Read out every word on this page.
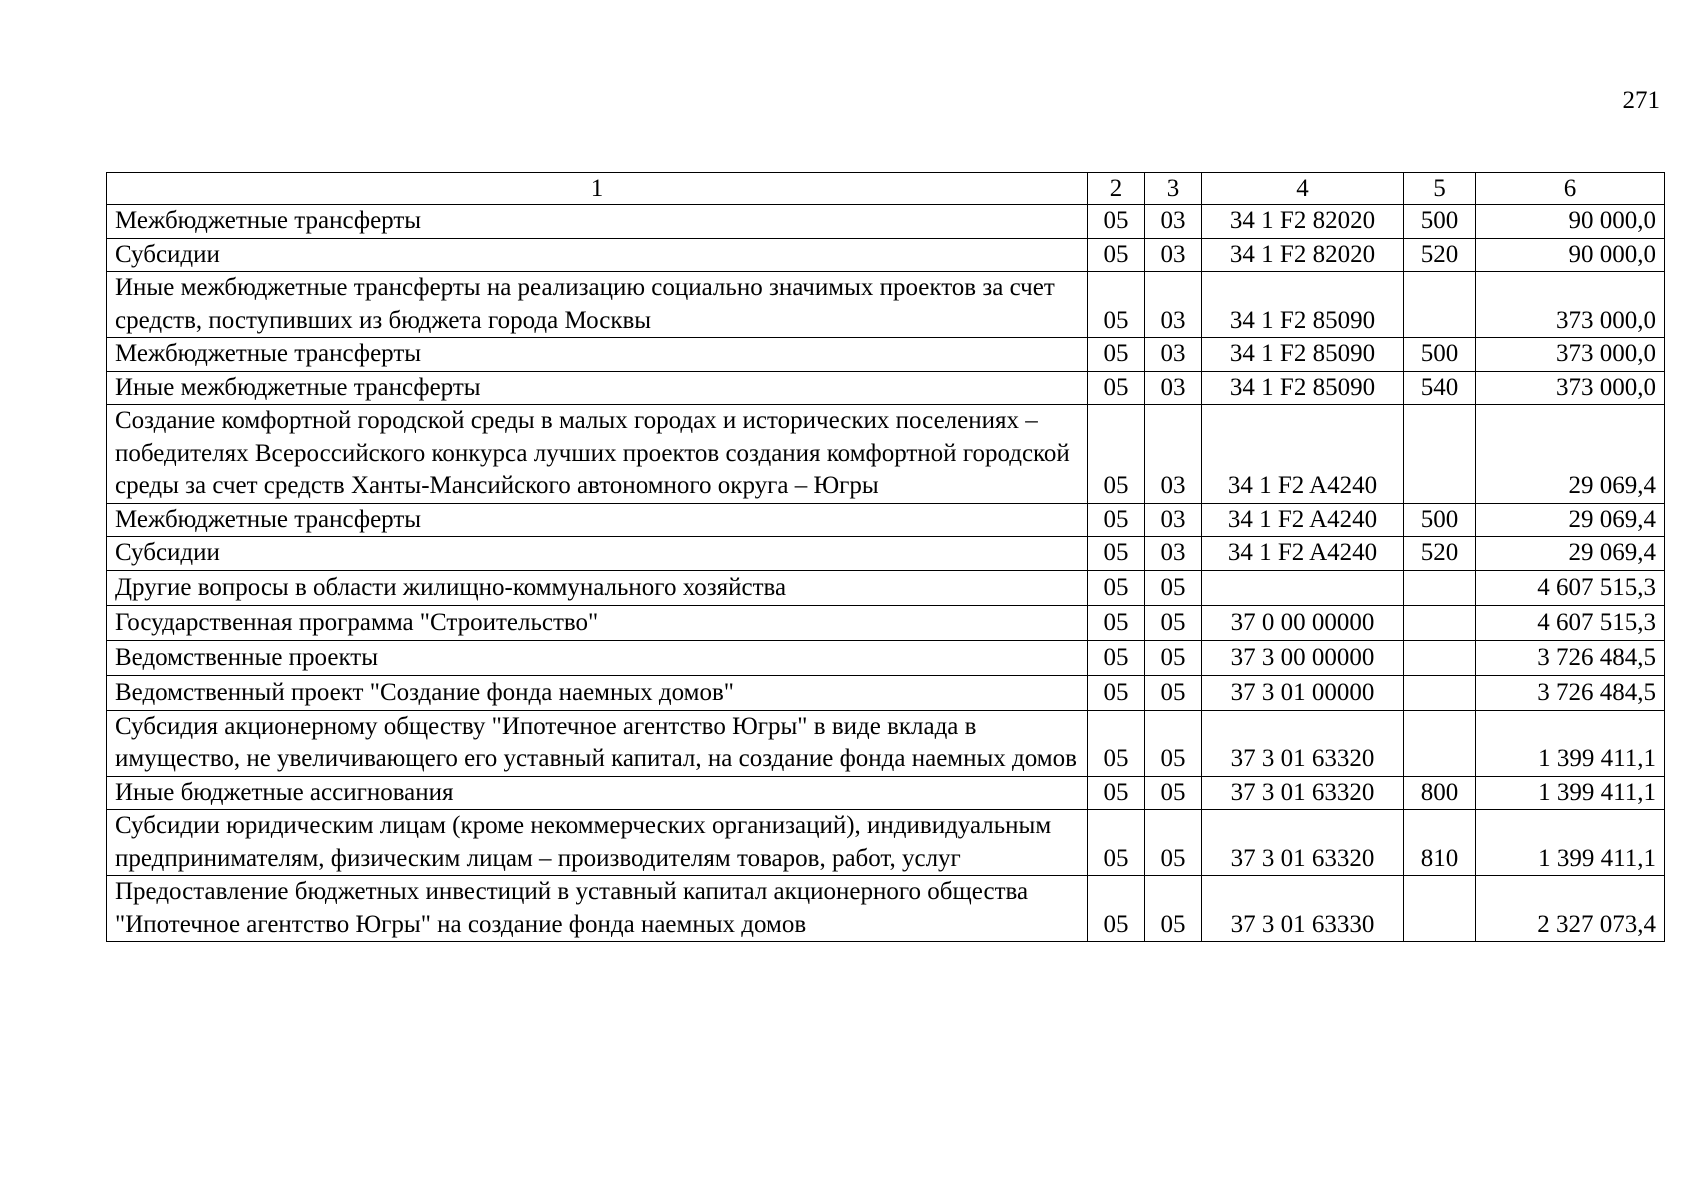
271
1	2	3	4	5	6
Межбюджетные трансферты	05	03	34 1 F2 82020	500	90 000,0
Субсидии	05	03	34 1 F2 82020	520	90 000,0
Иные межбюджетные трансферты на реализацию социально значимых проектов за счет средств, поступивших из бюджета города Москвы	05	03	34 1 F2 85090		373 000,0
Межбюджетные трансферты	05	03	34 1 F2 85090	500	373 000,0
Иные межбюджетные трансферты	05	03	34 1 F2 85090	540	373 000,0
Создание комфортной городской среды в малых городах и исторических поселениях – победителях Всероссийского конкурса лучших проектов создания комфортной городской среды за счет средств Ханты-Мансийского автономного округа – Югры	05	03	34 1 F2 A4240		29 069,4
Межбюджетные трансферты	05	03	34 1 F2 A4240	500	29 069,4
Субсидии	05	03	34 1 F2 A4240	520	29 069,4
Другие вопросы в области жилищно-коммунального хозяйства	05	05			4 607 515,3
Государственная программа "Строительство"	05	05	37 0 00 00000		4 607 515,3
Ведомственные проекты	05	05	37 3 00 00000		3 726 484,5
Ведомственный проект "Создание фонда наемных домов"	05	05	37 3 01 00000		3 726 484,5
Субсидия акционерному обществу "Ипотечное агентство Югры" в виде вклада в имущество, не увеличивающего его уставный капитал, на создание фонда наемных домов	05	05	37 3 01 63320		1 399 411,1
Иные бюджетные ассигнования	05	05	37 3 01 63320	800	1 399 411,1
Субсидии юридическим лицам (кроме некоммерческих организаций), индивидуальным предпринимателям, физическим лицам – производителям товаров, работ, услуг	05	05	37 3 01 63320	810	1 399 411,1
Предоставление бюджетных инвестиций в уставный капитал акционерного общества "Ипотечное агентство Югры" на создание фонда наемных домов	05	05	37 3 01 63330		2 327 073,4
